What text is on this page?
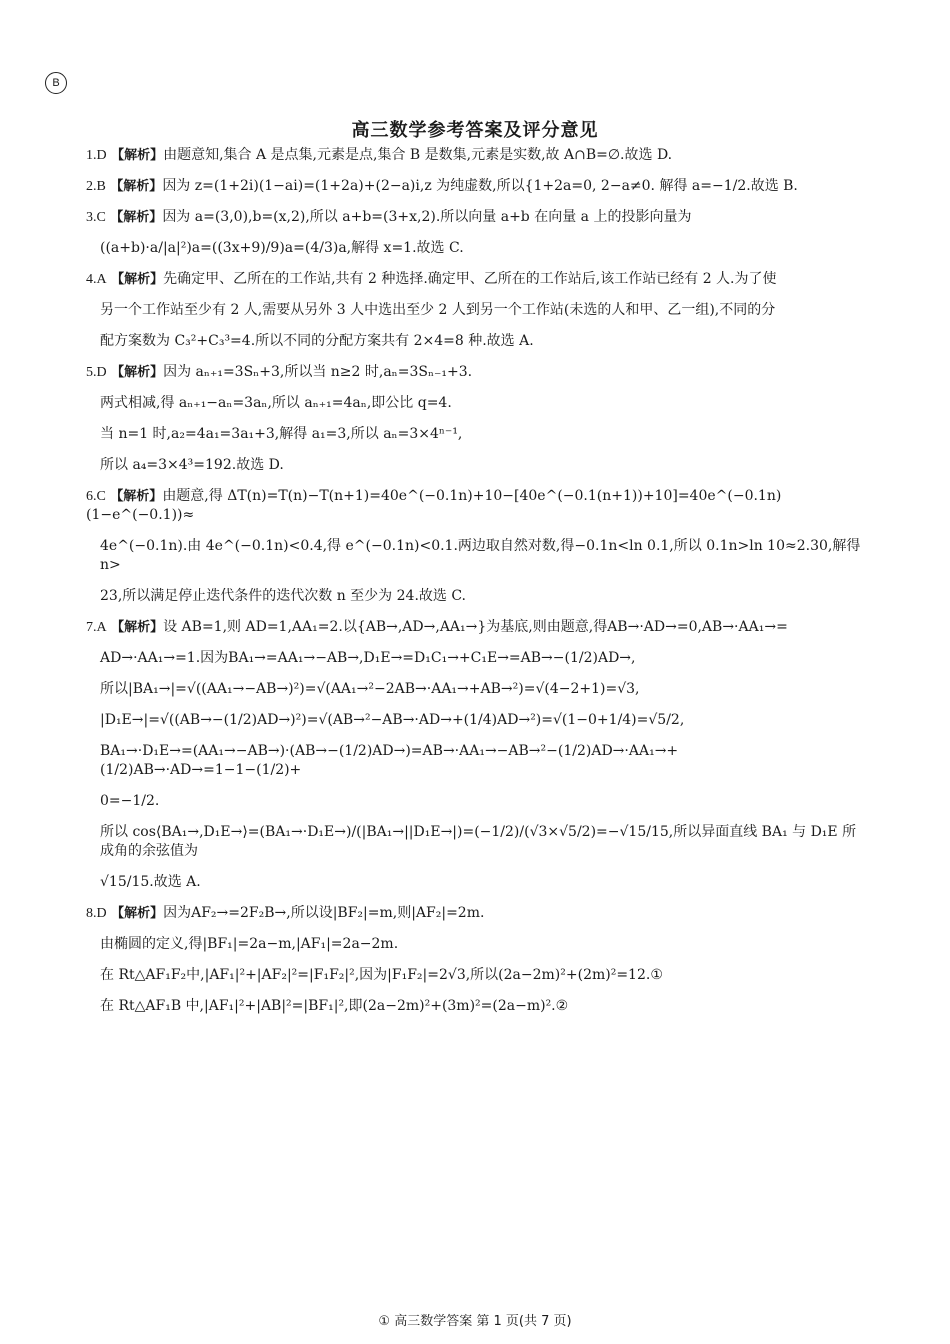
B
高三数学参考答案及评分意见
1.D 【解析】由题意知,集合 A 是点集,元素是点,集合 B 是数集,元素是实数,故 A∩B=∅.故选 D.
2.B 【解析】因为 z=(1+2i)(1−ai)=(1+2a)+(2−a)i,z 为纯虚数,所以{1+2a=0, 2−a≠0. 解得 a=−1/2.故选 B.
3.C 【解析】因为 a=(3,0),b=(x,2),所以 a+b=(3+x,2).所以向量 a+b 在向量 a 上的投影向量为
((a+b)·a/|a|²)a=((3x+9)/9)a=(4/3)a,解得 x=1.故选 C.
4.A 【解析】先确定甲、乙所在的工作站,共有 2 种选择.确定甲、乙所在的工作站后,该工作站已经有 2 人.为了使
另一个工作站至少有 2 人,需要从另外 3 人中选出至少 2 人到另一个工作站(未选的人和甲、乙一组),不同的分
配方案数为 C₃²+C₃³=4.所以不同的分配方案共有 2×4=8 种.故选 A.
5.D 【解析】因为 aₙ₊₁=3Sₙ+3,所以当 n≥2 时,aₙ=3Sₙ₋₁+3.
两式相减,得 aₙ₊₁−aₙ=3aₙ,所以 aₙ₊₁=4aₙ,即公比 q=4.
当 n=1 时,a₂=4a₁=3a₁+3,解得 a₁=3,所以 aₙ=3×4ⁿ⁻¹,
所以 a₄=3×4³=192.故选 D.
6.C 【解析】由题意,得 ΔT(n)=T(n)−T(n+1)=40e^(−0.1n)+10−[40e^(−0.1(n+1))+10]=40e^(−0.1n)(1−e^(−0.1))≈
4e^(−0.1n).由 4e^(−0.1n)<0.4,得 e^(−0.1n)<0.1.两边取自然对数,得−0.1n<ln 0.1,所以 0.1n>ln 10≈2.30,解得 n>
23,所以满足停止迭代条件的迭代次数 n 至少为 24.故选 C.
7.A 【解析】设 AB=1,则 AD=1,AA₁=2.以{AB→,AD→,AA₁→}为基底,则由题意,得AB→·AD→=0,AB→·AA₁→=
AD→·AA₁→=1.因为BA₁→=AA₁→−AB→,D₁E→=D₁C₁→+C₁E→=AB→−(1/2)AD→,
所以|BA₁→|=√((AA₁→−AB→)²)=√(AA₁→²−2AB→·AA₁→+AB→²)=√(4−2+1)=√3,
|D₁E→|=√((AB→−(1/2)AD→)²)=√(AB→²−AB→·AD→+(1/4)AD→²)=√(1−0+1/4)=√5/2,
BA₁→·D₁E→=(AA₁→−AB→)·(AB→−(1/2)AD→)=AB→·AA₁→−AB→²−(1/2)AD→·AA₁→+(1/2)AB→·AD→=1−1−(1/2)+
0=−1/2.
所以 cos⟨BA₁→,D₁E→⟩=(BA₁→·D₁E→)/(|BA₁→||D₁E→|)=(−1/2)/(√3×√5/2)=−√15/15,所以异面直线 BA₁ 与 D₁E 所成角的余弦值为
√15/15.故选 A.
8.D 【解析】因为AF₂→=2F₂B→,所以设|BF₂|=m,则|AF₂|=2m.
由椭圆的定义,得|BF₁|=2a−m,|AF₁|=2a−2m.
在 Rt△AF₁F₂中,|AF₁|²+|AF₂|²=|F₁F₂|²,因为|F₁F₂|=2√3,所以(2a−2m)²+(2m)²=12.①
在 Rt△AF₁B 中,|AF₁|²+|AB|²=|BF₁|²,即(2a−2m)²+(3m)²=(2a−m)².②
① 高三数学答案 第 1 页(共 7 页)
